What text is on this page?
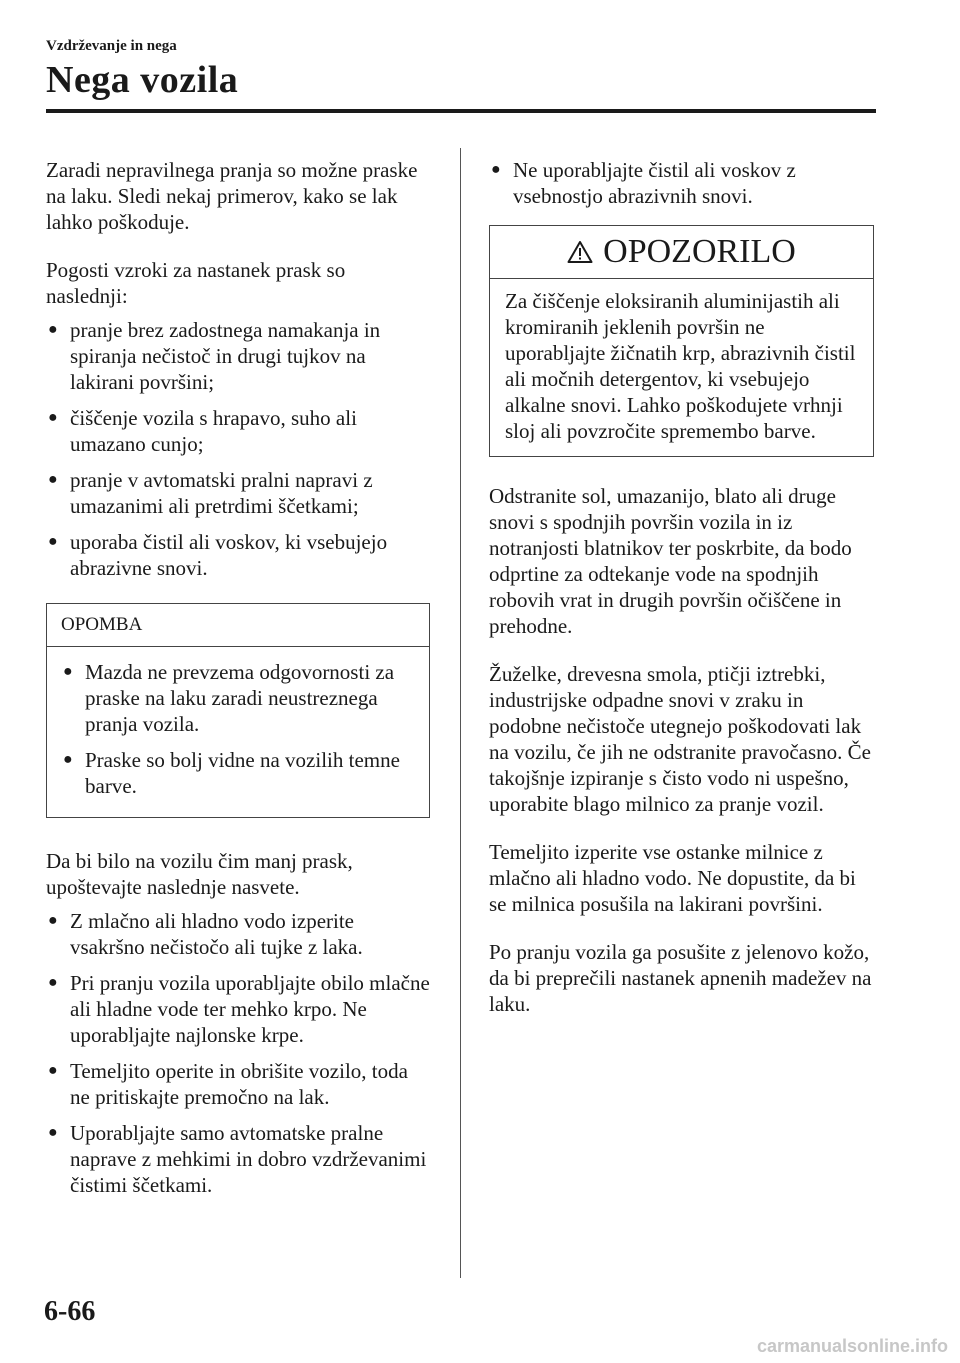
Vzdrževanje in nega
Nega vozila

Zaradi nepravilnega pranja so možne praske na laku. Sledi nekaj primerov, kako se lak lahko poškoduje.

Pogosti vzroki za nastanek prask so naslednji:

● pranje brez zadostnega namakanja in spiranja nečistoč in drugi tujkov na lakirani površini;
● čiščenje vozila s hrapavo, suho ali umazano cunjo;
● pranje v avtomatski pralni napravi z umazanimi ali pretrdimi ščetkami;
● uporaba čistil ali voskov, ki vsebujejo abrazivne snovi.
OPOMBA
● Mazda ne prevzema odgovornosti za praske na laku zaradi neustreznega pranja vozila.
● Praske so bolj vidne na vozilih temne barve.

Da bi bilo na vozilu čim manj prask, upoštevajte naslednje nasvete.

● Z mlačno ali hladno vodo izperite vsakršno nečistočo ali tujke z laka.
● Pri pranju vozila uporabljajte obilo mlačne ali hladne vode ter mehko krpo. Ne uporabljajte najlonske krpe.
● Temeljito operite in obrišite vozilo, toda ne pritiskajte premočno na lak.
● Uporabljajte samo avtomatske pralne naprave z mehkimi in dobro vzdrževanimi čistimi ščetkami.
● Ne uporabljajte čistil ali voskov z vsebnostjo abrazivnih snovi.
OPOZORILO
Za čiščenje eloksiranih aluminijastih ali kromiranih jeklenih površin ne uporabljajte žičnatih krp, abrazivnih čistil ali močnih detergentov, ki vsebujejo alkalne snovi. Lahko poškodujete vrhnji sloj ali povzročite spremembo barve.

Odstranite sol, umazanijo, blato ali druge snovi s spodnjih površin vozila in iz notranjosti blatnikov ter poskrbite, da bodo odprtine za odtekanje vode na spodnjih robovih vrat in drugih površin očiščene in prehodne.

Žuželke, drevesna smola, ptičji iztrebki, industrijske odpadne snovi v zraku in podobne nečistoče utegnejo poškodovati lak na vozilu, če jih ne odstranite pravočasno. Če takojšnje izpiranje s čisto vodo ni uspešno, uporabite blago milnico za pranje vozil.

Temeljito izperite vse ostanke milnice z mlačno ali hladno vodo. Ne dopustite, da bi se milnica posušila na lakirani površini.

Po pranju vozila ga posušite z jelenovo kožo, da bi preprečili nastanek apnenih madežev na laku.

6-66
carmanualsonline.info
